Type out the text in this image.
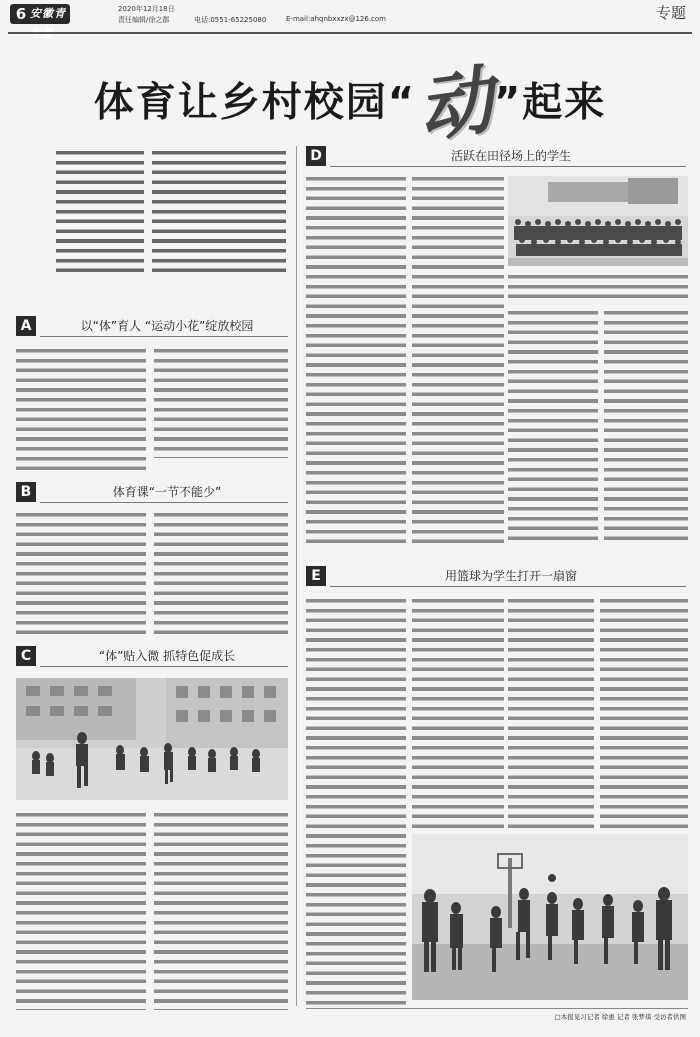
6 安徽青年报
2020年12月18日
责任编辑/徐之郡	电话:0551-65225080	E-mail:ahqnbxxzx@126.com	专题
体育让乡村校园“动”起来
A	以“体”育人 “运动小花”绽放校园
B	体育课“一节不能少”
C	“体”贴入微 抓特色促成长
D	活跃在田径场上的学生
E	用篮球为学生打开一扇窗
□本报见习记者 徐惠 记者 张梦琪 受访者供图
